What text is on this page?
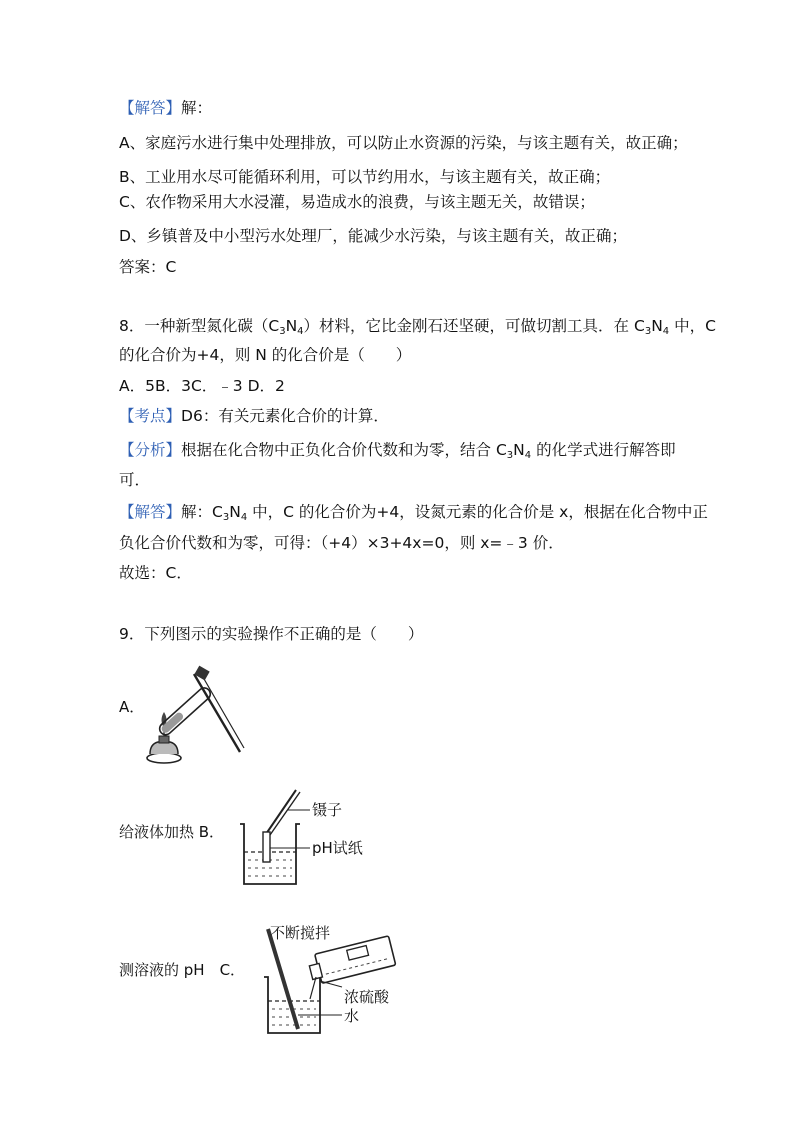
【解答】解：
A、家庭污水进行集中处理排放，可以防止水资源的污染，与该主题有关，故正确；
B、工业用水尽可能循环利用，可以节约用水，与该主题有关，故正确；
C、农作物采用大水浸灌，易造成水的浪费，与该主题无关，故错误；
D、乡镇普及中小型污水处理厂，能减少水污染，与该主题有关，故正确；
答案：C
8．一种新型氮化碳$(C_3N_4)$材料，它比金刚石还坚硬，可做切割工具．在 $C_3N_4$ 中，C
的化合价为+4，则 N 的化合价是（　　）
A．5B．3C．﹣3 D．2
【考点】D6：有关元素化合价的计算．
【分析】根据在化合物中正负化合价代数和为零，结合 $C_3N_4$ 的化学式进行解答即
可．
【解答】解：$C_3N_4$ 中，C 的化合价为+4，设氮元素的化合价是 x，根据在化合物中正
负化合价代数和为零，可得：（+4）×3+4x=0，则 x=﹣3 价．
故选：C．
9．下列图示的实验操作不正确的是（　　）
A．
给液体加热 B．
镊子
pH试纸
测溶液的 pH　C．
不断搅拌
浓硫酸
水
